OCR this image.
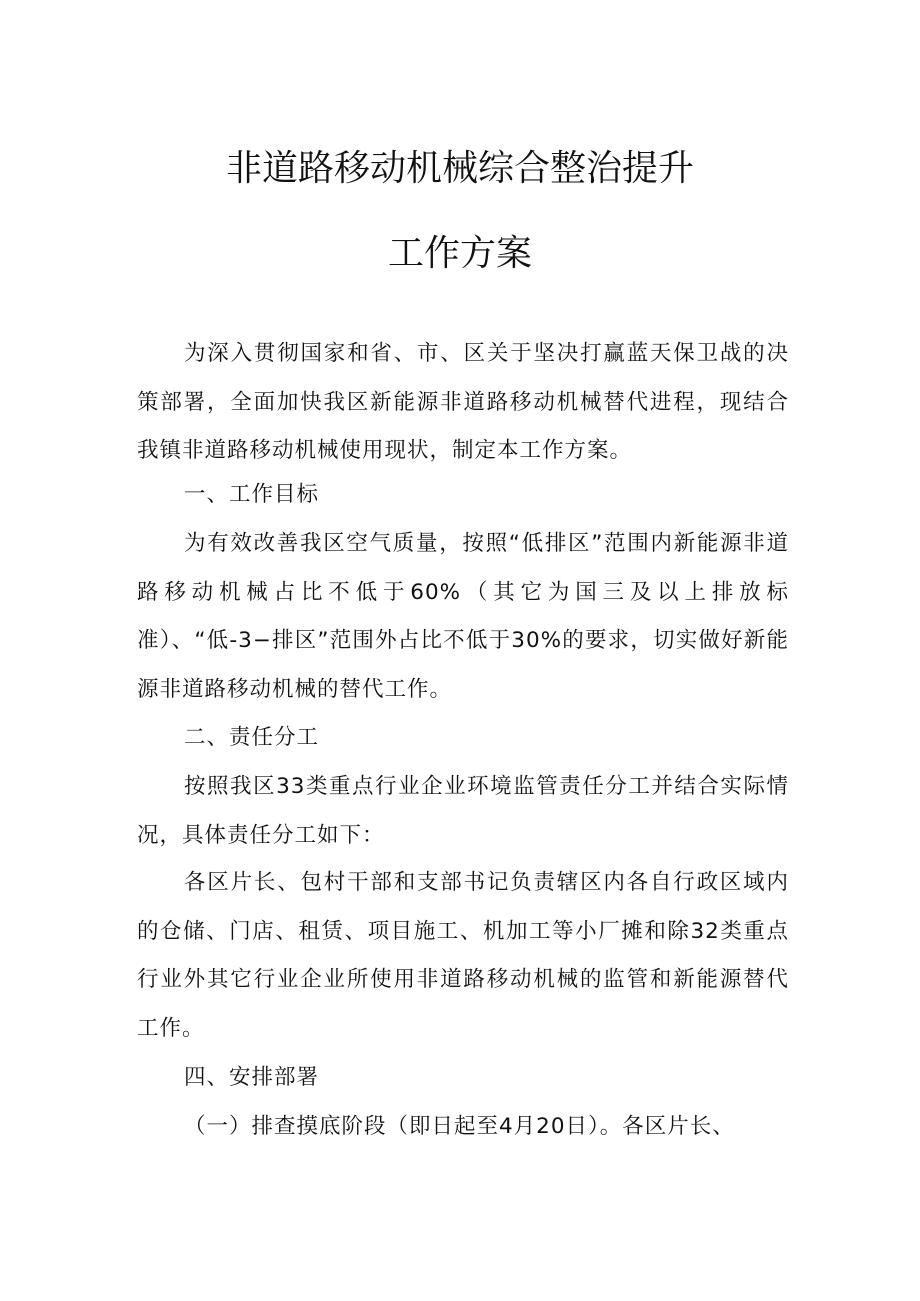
非道路移动机械综合整治提升
工作方案
为深入贯彻国家和省、市、区关于坚决打赢蓝天保卫战的决策部署，全面加快我区新能源非道路移动机械替代进程，现结合我镇非道路移动机械使用现状，制定本工作方案。
一、工作目标
为有效改善我区空气质量，按照“低排区”范围内新能源非道路移动机械占比不低于60%（其它为国三及以上排放标准）、“低-3−排区”范围外占比不低于30%的要求，切实做好新能源非道路移动机械的替代工作。
二、责任分工
按照我区33类重点行业企业环境监管责任分工并结合实际情况，具体责任分工如下：
各区片长、包村干部和支部书记负责辖区内各自行政区域内的仓储、门店、租赁、项目施工、机加工等小厂摊和除32类重点行业外其它行业企业所使用非道路移动机械的监管和新能源替代工作。
四、安排部署
（一）排查摸底阶段（即日起至4月20日）。各区片长、
